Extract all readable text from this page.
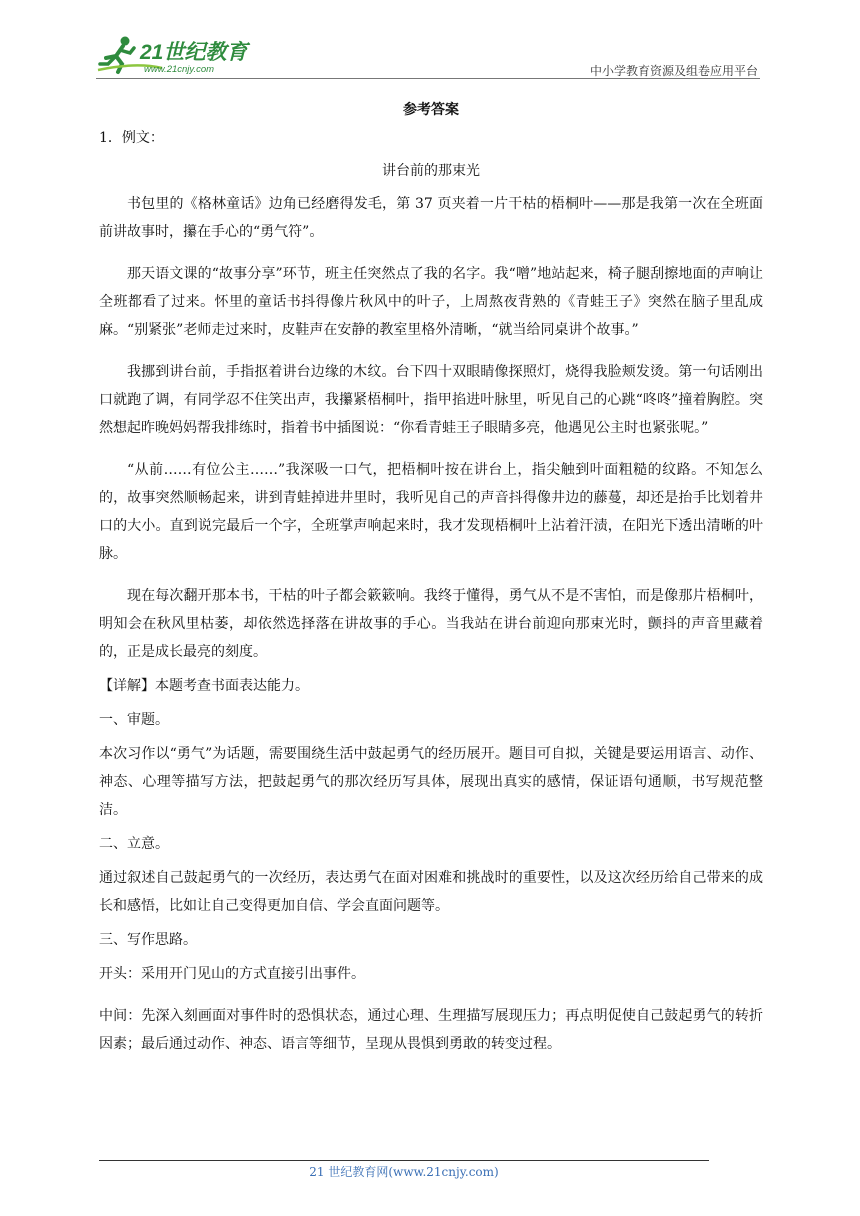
21世纪教育
www.21cnjy.com	中小学教育资源及组卷应用平台
参考答案
1．例文：
讲台前的那束光

书包里的《格林童话》边角已经磨得发毛，第 37 页夹着一片干枯的梧桐叶——那是我第一次在全班面前讲故事时，攥在手心的“勇气符”。

那天语文课的“故事分享”环节，班主任突然点了我的名字。我“噌”地站起来，椅子腿刮擦地面的声响让全班都看了过来。怀里的童话书抖得像片秋风中的叶子，上周熬夜背熟的《青蛙王子》突然在脑子里乱成麻。“别紧张”老师走过来时，皮鞋声在安静的教室里格外清晰，“就当给同桌讲个故事。”

我挪到讲台前，手指抠着讲台边缘的木纹。台下四十双眼睛像探照灯，烧得我脸颊发烫。第一句话刚出口就跑了调，有同学忍不住笑出声，我攥紧梧桐叶，指甲掐进叶脉里，听见自己的心跳“咚咚”撞着胸腔。突然想起昨晚妈妈帮我排练时，指着书中插图说：“你看青蛙王子眼睛多亮，他遇见公主时也紧张呢。”

“从前……有位公主……”我深吸一口气，把梧桐叶按在讲台上，指尖触到叶面粗糙的纹路。不知怎么的，故事突然顺畅起来，讲到青蛙掉进井里时，我听见自己的声音抖得像井边的藤蔓，却还是抬手比划着井口的大小。直到说完最后一个字，全班掌声响起来时，我才发现梧桐叶上沾着汗渍，在阳光下透出清晰的叶脉。

现在每次翻开那本书，干枯的叶子都会簌簌响。我终于懂得，勇气从不是不害怕，而是像那片梧桐叶，明知会在秋风里枯萎，却依然选择落在讲故事的手心。当我站在讲台前迎向那束光时，颤抖的声音里藏着的，正是成长最亮的刻度。

【详解】本题考查书面表达能力。
一、审题。

本次习作以“勇气”为话题，需要围绕生活中鼓起勇气的经历展开。题目可自拟，关键是要运用语言、动作、神态、心理等描写方法，把鼓起勇气的那次经历写具体，展现出真实的感情，保证语句通顺，书写规范整洁。

二、立意。

通过叙述自己鼓起勇气的一次经历，表达勇气在面对困难和挑战时的重要性，以及这次经历给自己带来的成长和感悟，比如让自己变得更加自信、学会直面问题等。

三、写作思路。

开头：采用开门见山的方式直接引出事件。

中间：先深入刻画面对事件时的恐惧状态，通过心理、生理描写展现压力；再点明促使自己鼓起勇气的转折因素；最后通过动作、神态、语言等细节，呈现从畏惧到勇敢的转变过程。

21 世纪教育网(www.21cnjy.com)
